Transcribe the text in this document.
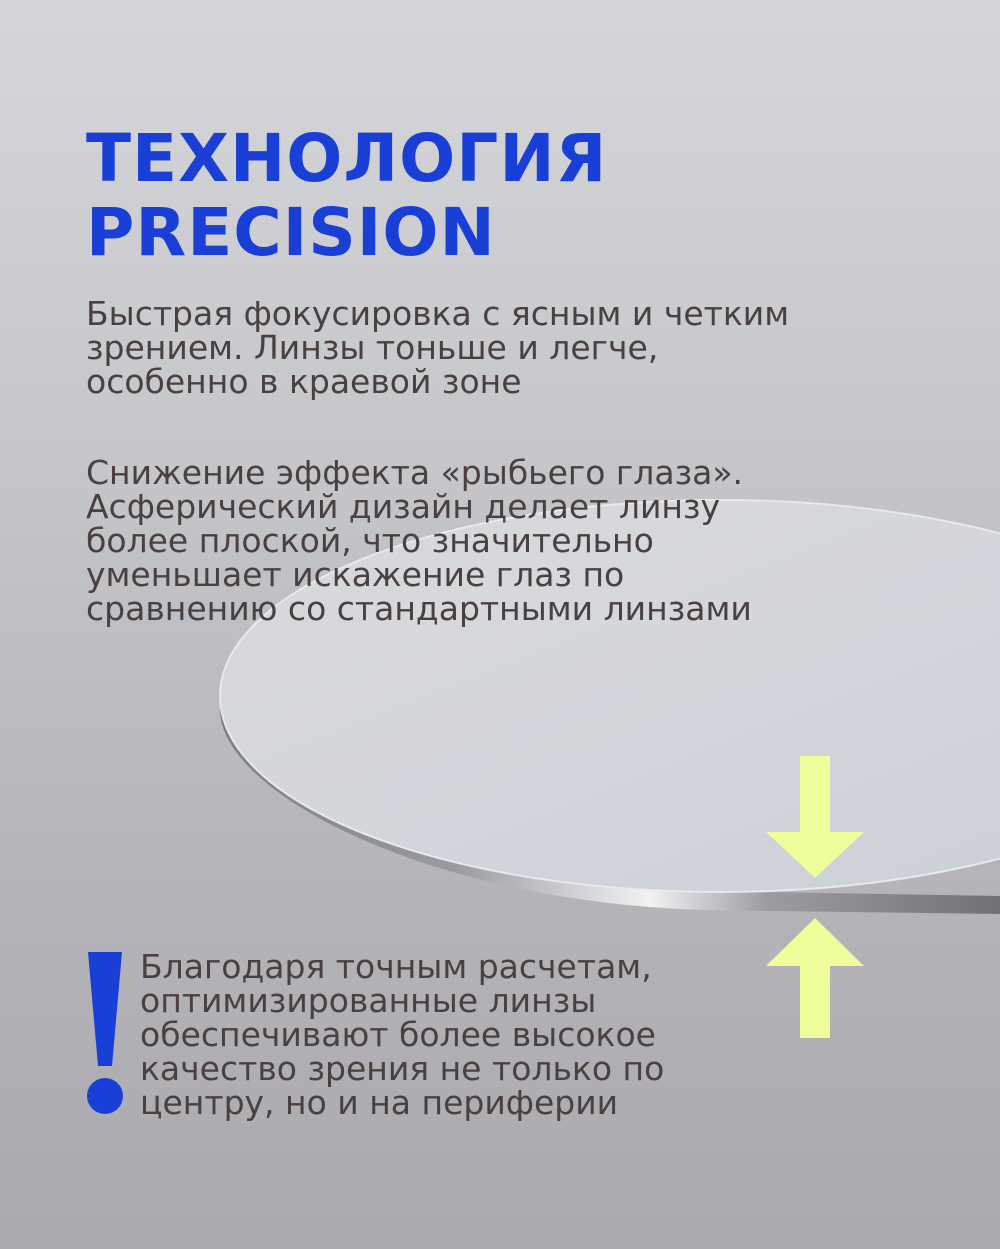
ТЕХНОЛОГИЯ
PRECISION

Быстрая фокусировка с ясным и четким
зрением. Линзы тоньше и легче,
особенно в краевой зоне

Снижение эффекта «рыбьего глаза».
Асферический дизайн делает линзу
более плоской, что значительно
уменьшает искажение глаз по
сравнению со стандартными линзами

Благодаря точным расчетам,
оптимизированные линзы
обеспечивают более высокое
качество зрения не только по
центру, но и на периферии
